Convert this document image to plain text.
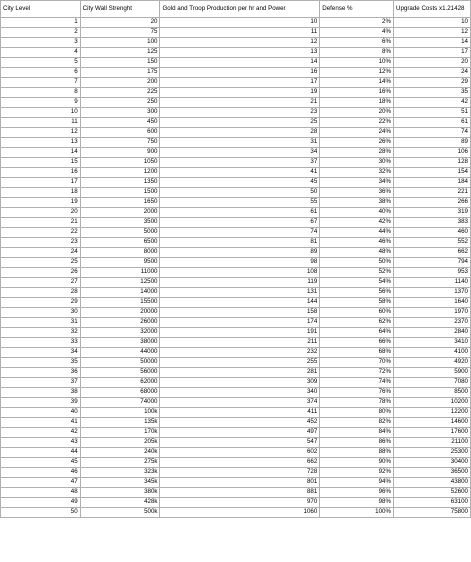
City Level	City Wall Strenght	Gold and Troop Production per hr and Power	Defense %	Upgrade Costs x1.21428
1	20	10	2%	10
2	75	11	4%	12
3	100	12	6%	14
4	125	13	8%	17
5	150	14	10%	20
6	175	16	12%	24
7	200	17	14%	29
8	225	19	16%	35
9	250	21	18%	42
10	300	23	20%	51
11	450	25	22%	61
12	600	28	24%	74
13	750	31	26%	89
14	900	34	28%	106
15	1050	37	30%	128
16	1200	41	32%	154
17	1350	45	34%	184
18	1500	50	36%	221
19	1650	55	38%	266
20	2000	61	40%	319
21	3500	67	42%	383
22	5000	74	44%	460
23	6500	81	46%	552
24	8000	89	48%	662
25	9500	98	50%	794
26	11000	108	52%	953
27	12500	119	54%	1140
28	14000	131	56%	1370
29	15500	144	58%	1640
30	20000	158	60%	1970
31	26000	174	62%	2370
32	32000	191	64%	2840
33	38000	211	66%	3410
34	44000	232	68%	4100
35	50000	255	70%	4920
36	56000	281	72%	5900
37	62000	309	74%	7080
38	68000	340	76%	8500
39	74000	374	78%	10200
40	100k	411	80%	12200
41	135k	452	82%	14600
42	170k	497	84%	17600
43	205k	547	86%	21100
44	240k	602	88%	25300
45	275k	662	90%	30400
46	323k	728	92%	36500
47	345k	801	94%	43800
48	380k	881	96%	52600
49	428k	970	98%	63100
50	500k	1060	100%	75800
